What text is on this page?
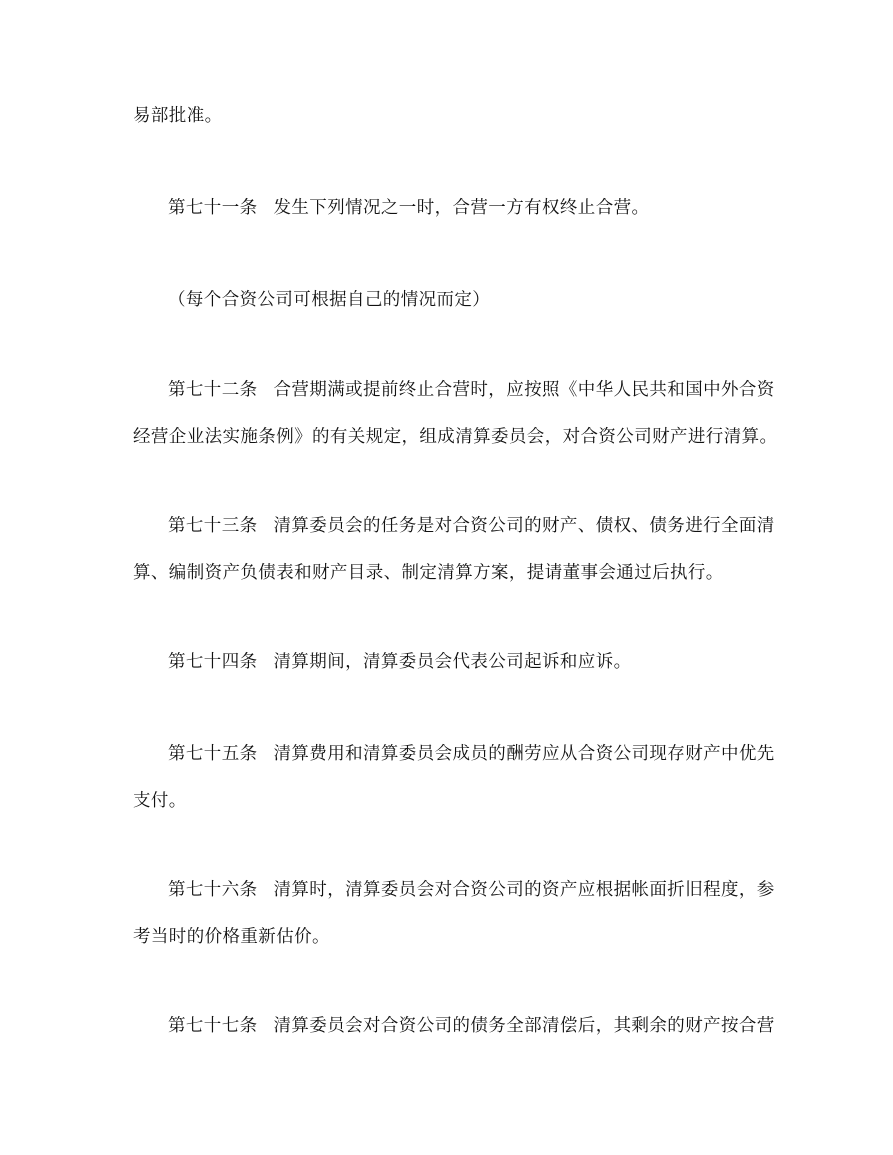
易部批准。
第七十一条 发生下列情况之一时，合营一方有权终止合营。
（每个合资公司可根据自己的情况而定）
第七十二条 合营期满或提前终止合营时，应按照《中华人民共和国中外合资
经营企业法实施条例》的有关规定，组成清算委员会，对合资公司财产进行清算。
第七十三条 清算委员会的任务是对合资公司的财产、债权、债务进行全面清
算、编制资产负债表和财产目录、制定清算方案，提请董事会通过后执行。
第七十四条 清算期间，清算委员会代表公司起诉和应诉。
第七十五条 清算费用和清算委员会成员的酬劳应从合资公司现存财产中优先
支付。
第七十六条 清算时，清算委员会对合资公司的资产应根据帐面折旧程度，参
考当时的价格重新估价。
第七十七条 清算委员会对合资公司的债务全部清偿后，其剩余的财产按合营
